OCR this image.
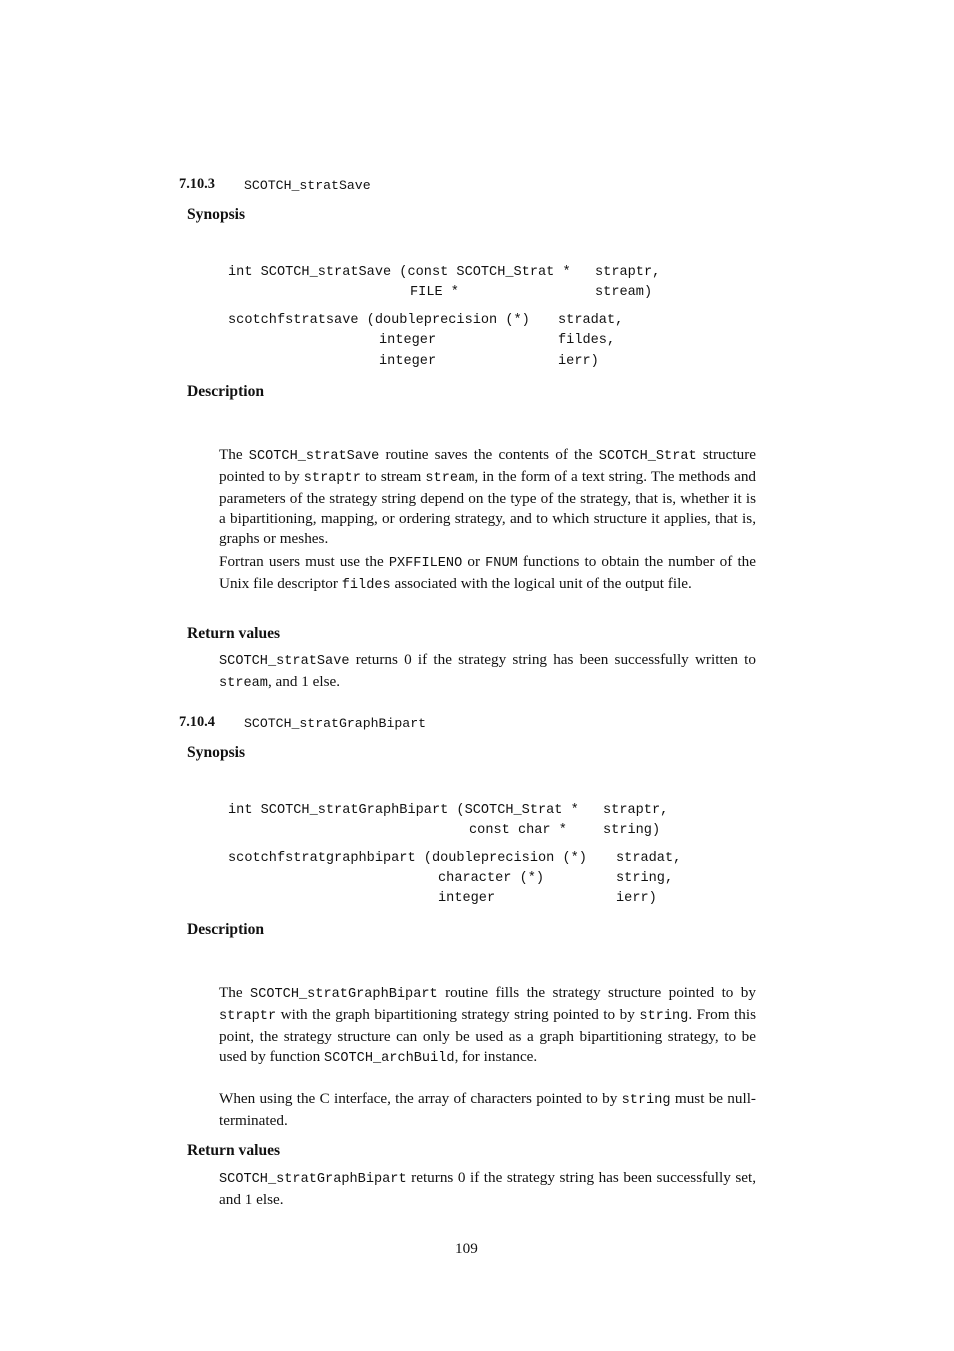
7.10.3 SCOTCH_stratSave
Synopsis
int SCOTCH_stratSave (const SCOTCH_Strat * straptr,
FILE *	stream)
scotchfstratsave (doubleprecision (*) stradat,
integer	fildes,
integer	ierr)
Description
The SCOTCH_stratSave routine saves the contents of the SCOTCH_Strat structure pointed to by straptr to stream stream, in the form of a text string. The methods and parameters of the strategy string depend on the type of the strategy, that is, whether it is a bipartitioning, mapping, or ordering strategy, and to which structure it applies, that is, graphs or meshes.
Fortran users must use the PXFFILENO or FNUM functions to obtain the number of the Unix file descriptor fildes associated with the logical unit of the output file.
Return values
SCOTCH_stratSave returns 0 if the strategy string has been successfully written to stream, and 1 else.
7.10.4 SCOTCH_stratGraphBipart
Synopsis
int SCOTCH_stratGraphBipart (SCOTCH_Strat * straptr,
const char *	string)
scotchfstratgraphbipart (doubleprecision (*) stradat,
character (*)	string,
integer	ierr)
Description
The SCOTCH_stratGraphBipart routine fills the strategy structure pointed to by straptr with the graph bipartitioning strategy string pointed to by string. From this point, the strategy structure can only be used as a graph bipartitioning strategy, to be used by function SCOTCH_archBuild, for instance.
When using the C interface, the array of characters pointed to by string must be null-terminated.
Return values
SCOTCH_stratGraphBipart returns 0 if the strategy string has been successfully set, and 1 else.
109
